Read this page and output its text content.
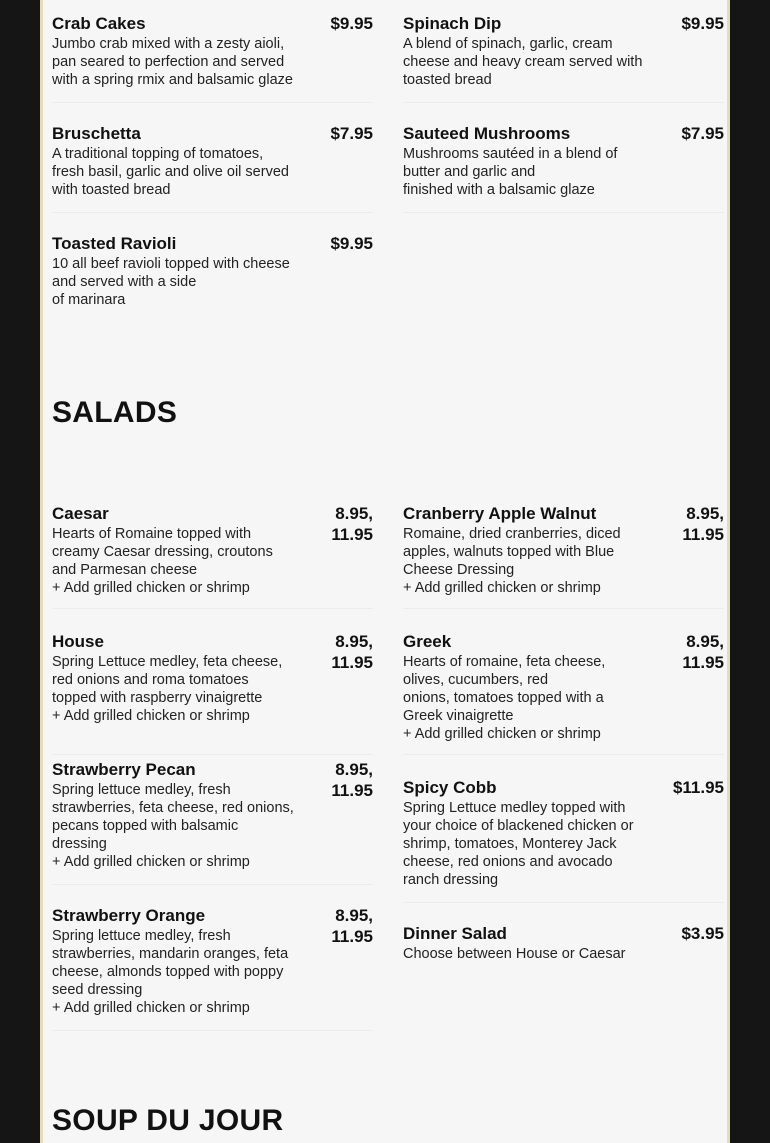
Crab Cakes	$9.95
Jumbo crab mixed with a zesty aioli,
pan seared to perfection and served
with a spring rmix and balsamic glaze
Spinach Dip	$9.95
A blend of spinach, garlic, cream
cheese and heavy cream served with
toasted bread
Bruschetta	$7.95
A traditional topping of tomatoes,
fresh basil, garlic and olive oil served
with toasted bread
Sauteed Mushrooms	$7.95
Mushrooms sautéed in a blend of
butter and garlic and
finished with a balsamic glaze
Toasted Ravioli	$9.95
10 all beef ravioli topped with cheese
and served with a side
of marinara
SALADS
Caesar	8.95,
11.95
Hearts of Romaine topped with
creamy Caesar dressing, croutons
and Parmesan cheese
+ Add grilled chicken or shrimp
Cranberry Apple Walnut	8.95,
11.95
Romaine, dried cranberries, diced
apples, walnuts topped with Blue
Cheese Dressing
+ Add grilled chicken or shrimp
House	8.95,
11.95
Spring Lettuce medley, feta cheese,
red onions and roma tomatoes
topped with raspberry vinaigrette
+ Add grilled chicken or shrimp
Greek	8.95,
11.95
Hearts of romaine, feta cheese,
olives, cucumbers, red
onions, tomatoes topped with a
Greek vinaigrette
+ Add grilled chicken or shrimp
Strawberry Pecan	8.95,
11.95
Spring lettuce medley, fresh
strawberries, feta cheese, red onions,
pecans topped with balsamic
dressing
+ Add grilled chicken or shrimp
Spicy Cobb	$11.95
Spring Lettuce medley topped with
your choice of blackened chicken or
shrimp, tomatoes, Monterey Jack
cheese, red onions and avocado
ranch dressing
Strawberry Orange	8.95,
11.95
Spring lettuce medley, fresh
strawberries, mandarin oranges, feta
cheese, almonds topped with poppy
seed dressing
+ Add grilled chicken or shrimp
Dinner Salad	$3.95
Choose between House or Caesar
SOUP DU JOUR
